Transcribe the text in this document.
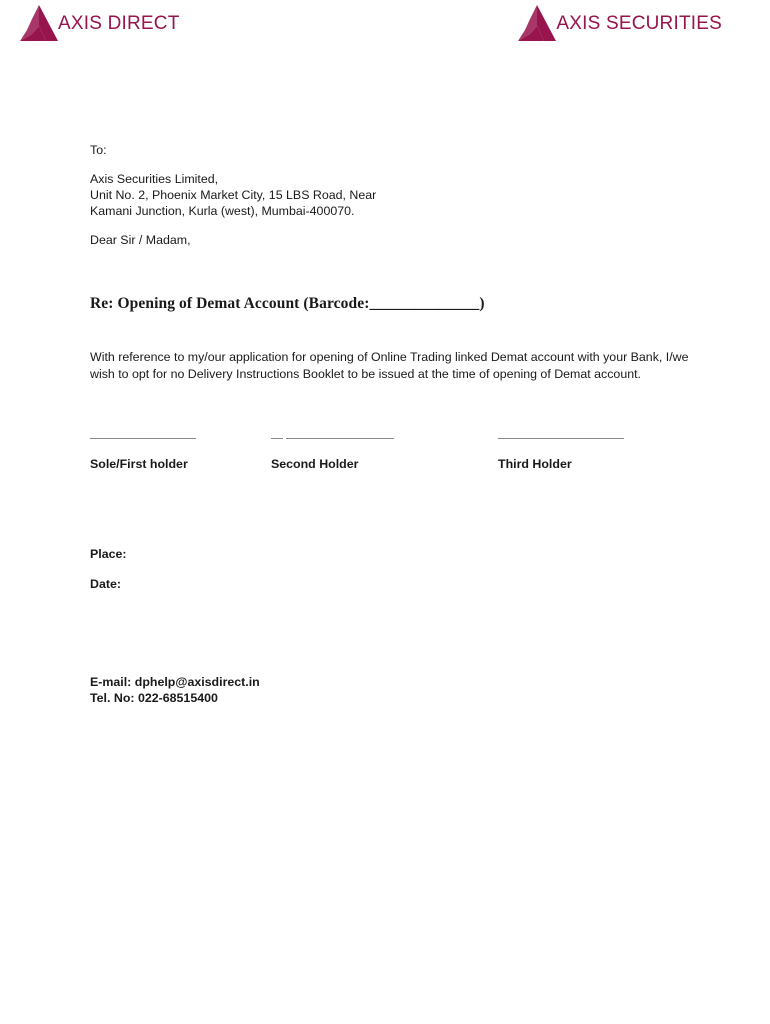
AXIS DIRECT	AXIS SECURITIES
To:
Axis Securities Limited,
Unit No. 2, Phoenix Market City, 15 LBS Road, Near
Kamani Junction, Kurla (west), Mumbai-400070.
Dear Sir / Madam,
Re: Opening of Demat Account (Barcode:______________)
With reference to my/our application for opening of Online Trading linked Demat account with your Bank, I/we
wish to opt for no Delivery Instructions Booklet to be issued at the time of opening of Demat account.
Sole/First holder	Second Holder	Third Holder
Place:
Date:
E-mail: dphelp@axisdirect.in
Tel. No: 022-68515400
